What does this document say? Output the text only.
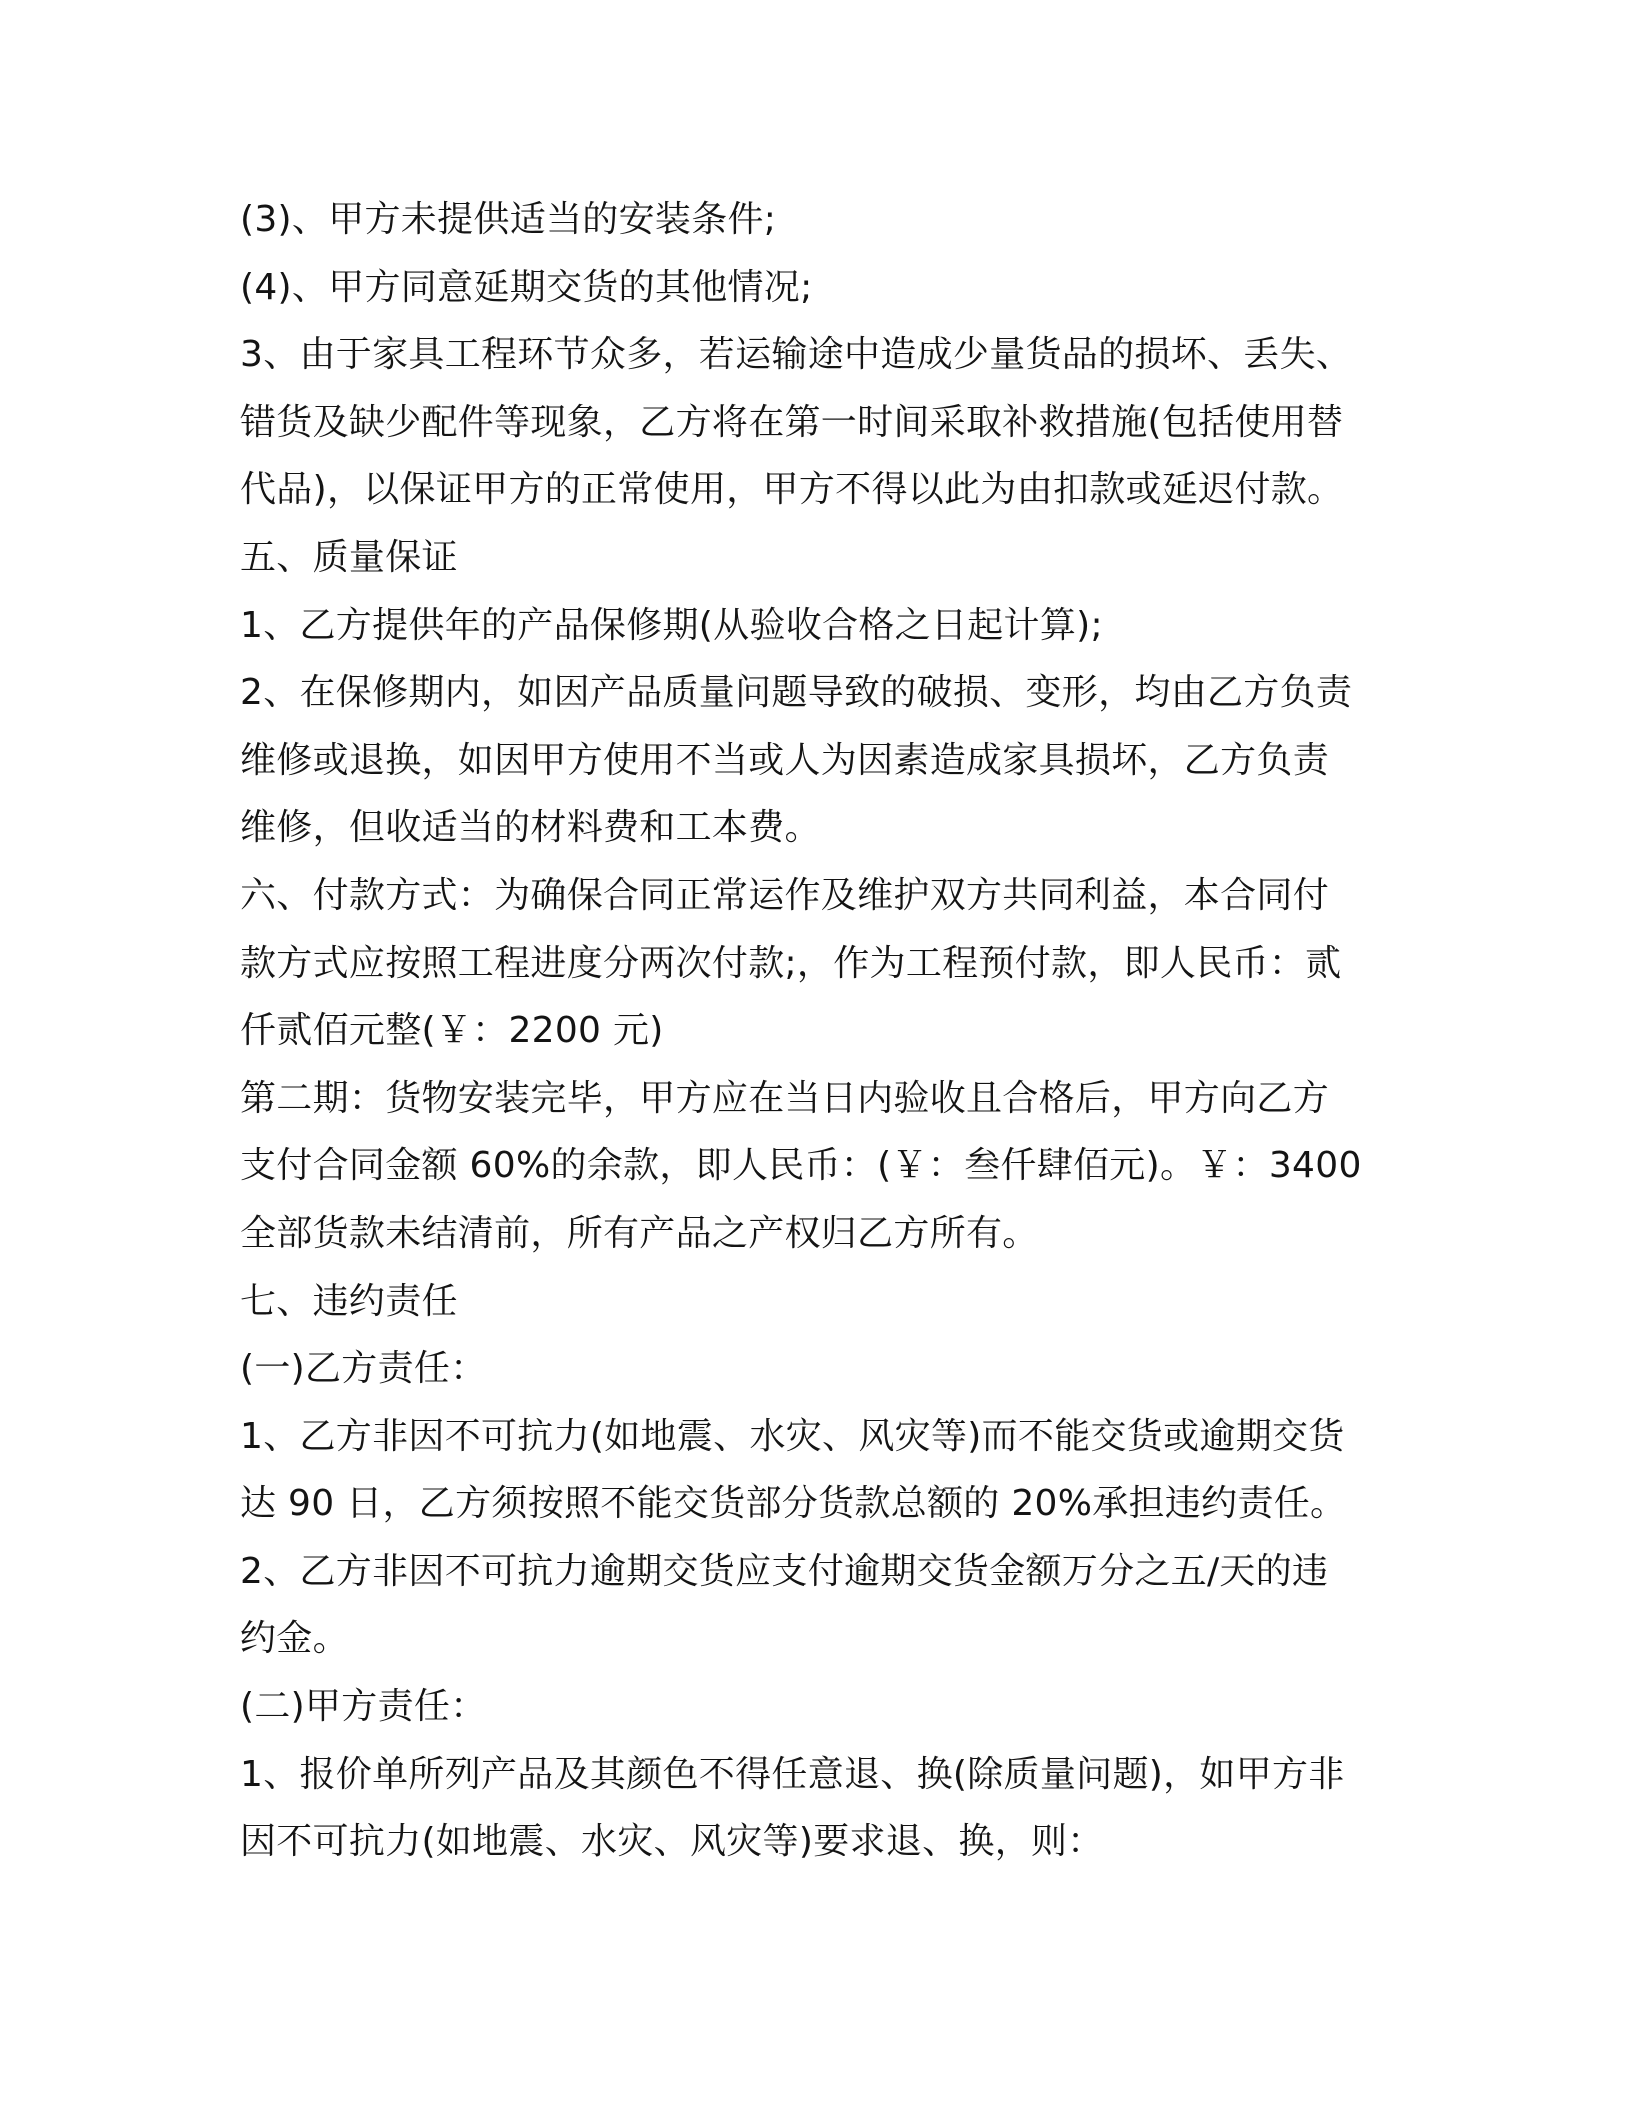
(3)、甲方未提供适当的安装条件;
(4)、甲方同意延期交货的其他情况;
3、由于家具工程环节众多，若运输途中造成少量货品的损坏、丢失、
错货及缺少配件等现象，乙方将在第一时间采取补救措施(包括使用替
代品)，以保证甲方的正常使用，甲方不得以此为由扣款或延迟付款。
五、质量保证
1、乙方提供年的产品保修期(从验收合格之日起计算);
2、在保修期内，如因产品质量问题导致的破损、变形，均由乙方负责
维修或退换，如因甲方使用不当或人为因素造成家具损坏，乙方负责
维修，但收适当的材料费和工本费。
六、付款方式：为确保合同正常运作及维护双方共同利益，本合同付
款方式应按照工程进度分两次付款;，作为工程预付款，即人民币：贰
仟贰佰元整(￥：2200 元)
第二期：货物安装完毕，甲方应在当日内验收且合格后，甲方向乙方
支付合同金额 60%的余款，即人民币：(￥：叁仟肆佰元)。￥：3400
全部货款未结清前，所有产品之产权归乙方所有。
七、违约责任
(一)乙方责任：
1、乙方非因不可抗力(如地震、水灾、风灾等)而不能交货或逾期交货
达 90 日，乙方须按照不能交货部分货款总额的 20%承担违约责任。
2、乙方非因不可抗力逾期交货应支付逾期交货金额万分之五/天的违
约金。
(二)甲方责任：
1、报价单所列产品及其颜色不得任意退、换(除质量问题)，如甲方非
因不可抗力(如地震、水灾、风灾等)要求退、换，则：
